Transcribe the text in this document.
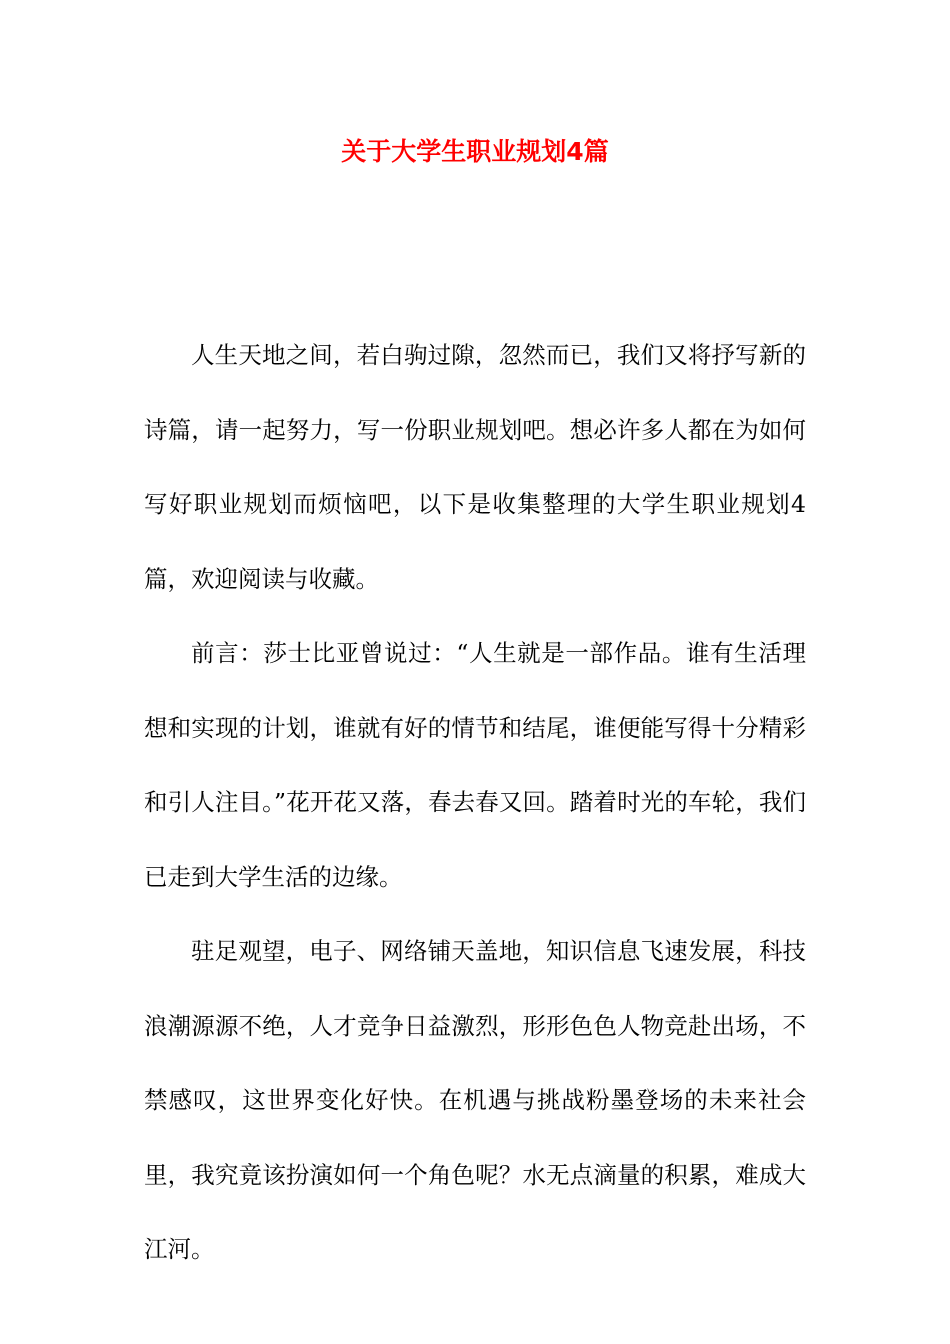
关于大学生职业规划4篇

人生天地之间，若白驹过隙，忽然而已，我们又将抒写新的诗篇，请一起努力，写一份职业规划吧。想必许多人都在为如何写好职业规划而烦恼吧，以下是收集整理的大学生职业规划4篇，欢迎阅读与收藏。

前言：莎士比亚曾说过：“人生就是一部作品。谁有生活理想和实现的计划，谁就有好的情节和结尾，谁便能写得十分精彩和引人注目。”花开花又落，春去春又回。踏着时光的车轮，我们已走到大学生活的边缘。

驻足观望，电子、网络铺天盖地，知识信息飞速发展，科技浪潮源源不绝，人才竞争日益激烈，形形色色人物竞赴出场，不禁感叹，这世界变化好快。在机遇与挑战粉墨登场的未来社会里，我究竟该扮演如何一个角色呢？水无点滴量的积累，难成大江河。
